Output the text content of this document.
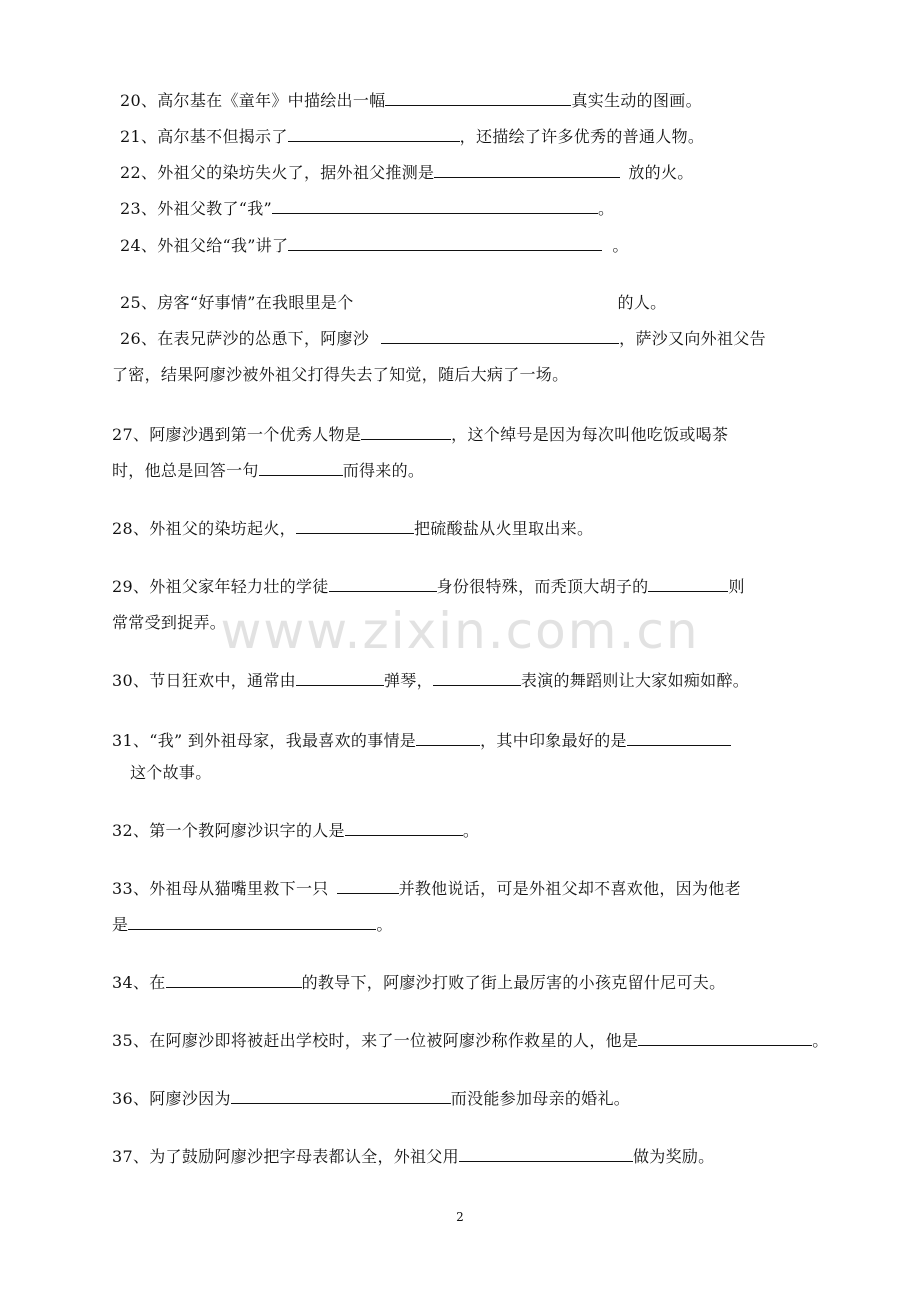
www.zixin.com.cn
20、高尔基在《童年》中描绘出一幅	真实生动的图画。
21、高尔基不但揭示了	，还描绘了许多优秀的普通人物。
22、外祖父的染坊失火了，据外祖父推测是	放的火。
23、外祖父教了“我”	。
24、外祖父给“我”讲了	。
25、房客“好事情”在我眼里是个	的人。
26、在表兄萨沙的怂恿下，阿廖沙	，萨沙又向外祖父告
了密，结果阿廖沙被外祖父打得失去了知觉，随后大病了一场。
27、阿廖沙遇到第一个优秀人物是	，这个绰号是因为每次叫他吃饭或喝茶
时，他总是回答一句	而得来的。
28、外祖父的染坊起火，	把硫酸盐从火里取出来。
29、外祖父家年轻力壮的学徒	身份很特殊，而秃顶大胡子的	则
常常受到捉弄。
30、节日狂欢中，通常由	弹琴，	表演的舞蹈则让大家如痴如醉。
31、“我” 到外祖母家，我最喜欢的事情是	，其中印象最好的是
这个故事。
32、第一个教阿廖沙识字的人是	。
33、外祖母从猫嘴里救下一只	并教他说话，可是外祖父却不喜欢他，因为他老
是	。
34、在	的教导下，阿廖沙打败了街上最厉害的小孩克留什尼可夫。
35、在阿廖沙即将被赶出学校时，来了一位被阿廖沙称作救星的人，他是	。
36、阿廖沙因为	而没能参加母亲的婚礼。
37、为了鼓励阿廖沙把字母表都认全，外祖父用	做为奖励。
2
